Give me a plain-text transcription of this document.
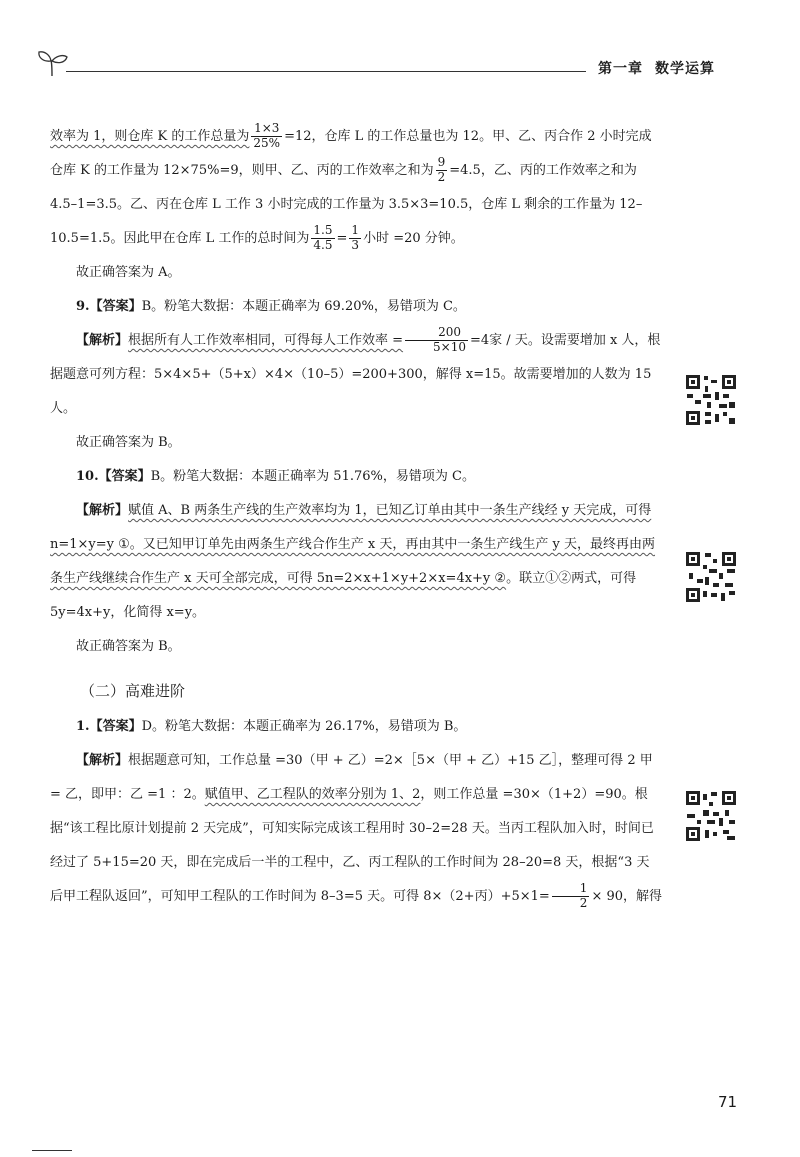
第一章 数学运算

效率为 1，则仓库 K 的工作总量为 $\frac{1\times 3}{25\%} =12$，仓库 L 的工作总量也为 12。甲、乙、丙合作 2 小时完成仓库 K 的工作量为 12×75%=9，则甲、乙、丙的工作效率之和为 $\frac{9}{2} =4.5$，乙、丙的工作效率之和为 4.5–1=3.5。乙、丙在仓库 L 工作 3 小时完成的工作量为 3.5×3=10.5，仓库 L 剩余的工作量为 12–10.5=1.5。因此甲在仓库 L 工作的总时间为 $\frac{1.5}{4.5} = \frac{1}{3}$ 小时 =20 分钟。

故正确答案为 A。

9.【答案】B。粉笔大数据：本题正确率为 69.20%，易错项为 C。

【解析】根据所有人工作效率相同，可得每人工作效率 = $\frac{200}{5\times 10} =4$家 / 天。设需要增加 x 人，根据题意可列方程：5×4×5+（5+x）×4×（10–5）=200+300，解得 x=15。故需要增加的人数为 15 人。

故正确答案为 B。

10.【答案】B。粉笔大数据：本题正确率为 51.76%，易错项为 C。

【解析】赋值 A、B 两条生产线的生产效率均为 1，已知乙订单由其中一条生产线经 y 天完成，可得 n=1×y=y ①。又已知甲订单先由两条生产线合作生产 x 天，再由其中一条生产线生产 y 天，最终再由两条生产线继续合作生产 x 天可全部完成，可得 5n=2×x+1×y+2×x=4x+y ②。联立①②两式，可得 5y=4x+y，化简得 x=y。

故正确答案为 B。

（二）高难进阶

1.【答案】D。粉笔大数据：本题正确率为 26.17%，易错项为 B。

【解析】根据题意可知，工作总量 =30（甲 + 乙）=2×［5×（甲 + 乙）+15 乙］，整理可得 2 甲 = 乙，即甲：乙 =1 ：2。赋值甲、乙工程队的效率分别为 1、2，则工作总量 =30×（1+2）=90。根据“该工程比原计划提前 2 天完成”，可知实际完成该工程用时 30–2=28 天。当丙工程队加入时，时间已经过了 5+15=20 天，即在完成后一半的工程中，乙、丙工程队的工作时间为 28–20=8 天，根据“3 天后甲工程队返回”，可知甲工程队的工作时间为 8–3=5 天。可得 8×（2+丙）$+5\times 1= \frac{1}{2} \times 90$，解得

71
